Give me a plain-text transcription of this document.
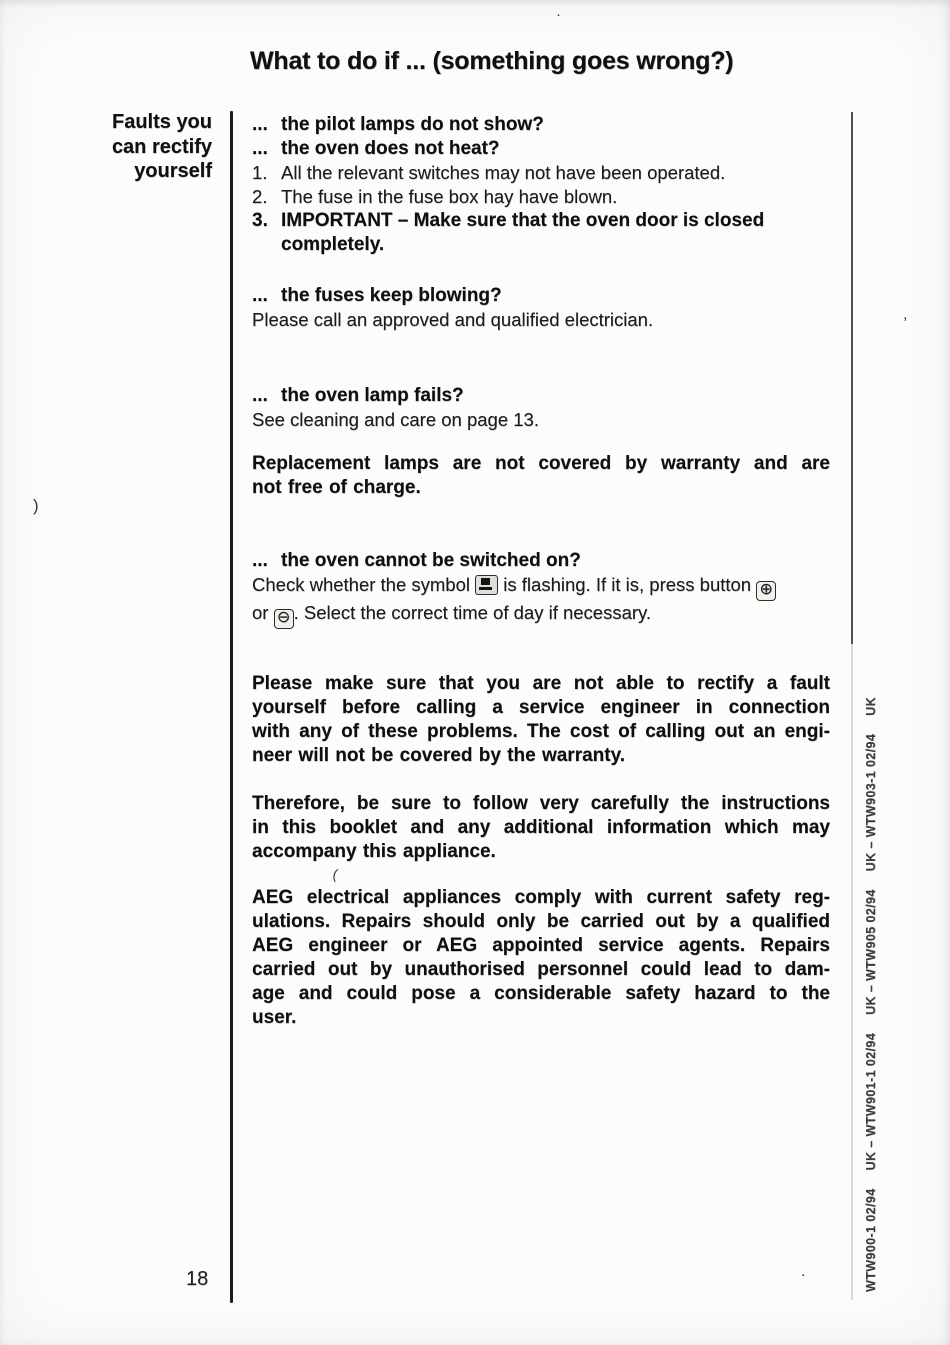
What to do if ... (something goes wrong?)
Faults you
can rectify
yourself
... the pilot lamps do not show?
... the oven does not heat?
1. All the relevant switches may not have been operated.
2. The fuse in the fuse box hay have blown.
3. IMPORTANT – Make sure that the oven door is closed
completely.
... the fuses keep blowing?
Please call an approved and qualified electrician.
... the oven lamp fails?
See cleaning and care on page 13.
Replacement lamps are not covered by warranty and are
not free of charge.
... the oven cannot be switched on?
Check whether the symbol is flashing. If it is, press button ⊕
or ⊖ . Select the correct time of day if necessary.
Please make sure that you are not able to rectify a fault
yourself before calling a service engineer in connection
with any of these problems. The cost of calling out an engi-
neer will not be covered by the warranty.
Therefore, be sure to follow very carefully the instructions
in this booklet and any additional information which may
accompany this appliance.
AEG electrical appliances comply with current safety reg-
ulations. Repairs should only be carried out by a qualified
AEG engineer or AEG appointed service agents. Repairs
carried out by unauthorised personnel could lead to dam-
age and could pose a considerable safety hazard to the
user.
18	WTW900-1 02/94
UK – WTW901-1 02/94
UK – WTW905 02/94
UK – WTW903-1 02/94
UK
·
)
(
,
.
